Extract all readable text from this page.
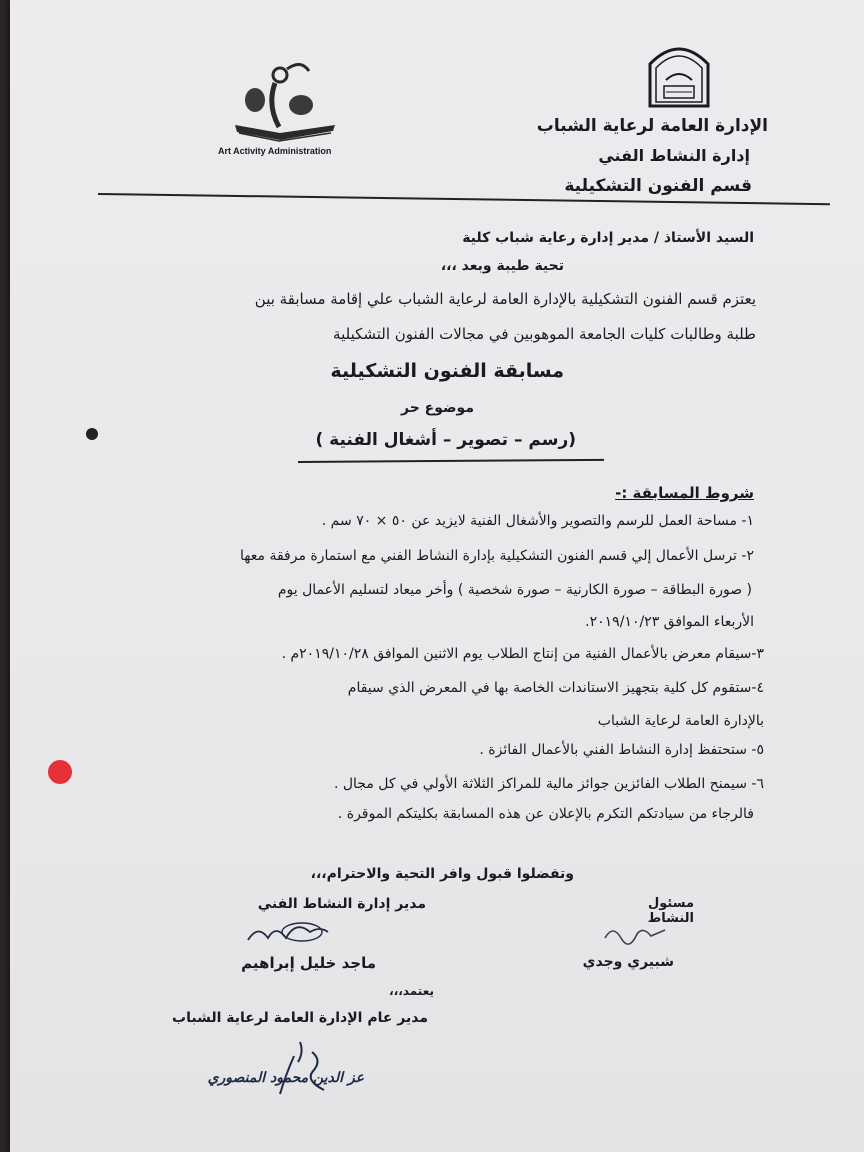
Art Activity Administration
الإدارة العامة لرعاية الشباب
إدارة النشاط الفني
قسم الفنون التشكيلية
السيد الأستاذ / مدير إدارة رعاية شباب كلية
تحية طيبة وبعد ،،،
يعتزم قسم الفنون التشكيلية بالإدارة العامة لرعاية الشباب علي إقامة مسابقة بين
طلبة وطالبات كليات الجامعة الموهوبين في مجالات الفنون التشكيلية
مسابقة الفنون التشكيلية
موضوع حر
(رسم – تصوير – أشغال الفنية )
شروط المسابقة :-
١- مساحة العمل للرسم والتصوير والأشغال الفنية لايزيد عن ٥٠ × ٧٠ سم .
٢- ترسل الأعمال إلي قسم الفنون التشكيلية بإدارة النشاط الفني مع استمارة مرفقة معها
( صورة البطاقة – صورة الكارنية – صورة شخصية ) وأخر ميعاد لتسليم الأعمال يوم
الأربعاء الموافق ٢٠١٩/١٠/٢٣.
٣-سيقام معرض بالأعمال الفنية من إنتاج الطلاب يوم الاثنين الموافق ٢٠١٩/١٠/٢٨م .
٤-ستقوم كل كلية بتجهيز الاستاندات الخاصة بها في المعرض الذي سيقام
بالإدارة العامة لرعاية الشباب
٥- ستحتفظ إدارة النشاط الفني بالأعمال الفائزة .
٦- سيمنح الطلاب الفائزين جوائز مالية للمراكز الثلاثة الأولي في كل مجال .
فالرجاء من سيادتكم التكرم بالإعلان عن هذه المسابقة بكليتكم الموقرة .
وتفضلوا قبول وافر التحية والاحترام،،،
مسئول النشاط
مدير إدارة النشاط الفني
شبيري وجدي
ماجد خليل إبراهيم
يعتمد،،،
مدير عام الإدارة العامة لرعاية الشباب
عز الدين محمود المنصوري
